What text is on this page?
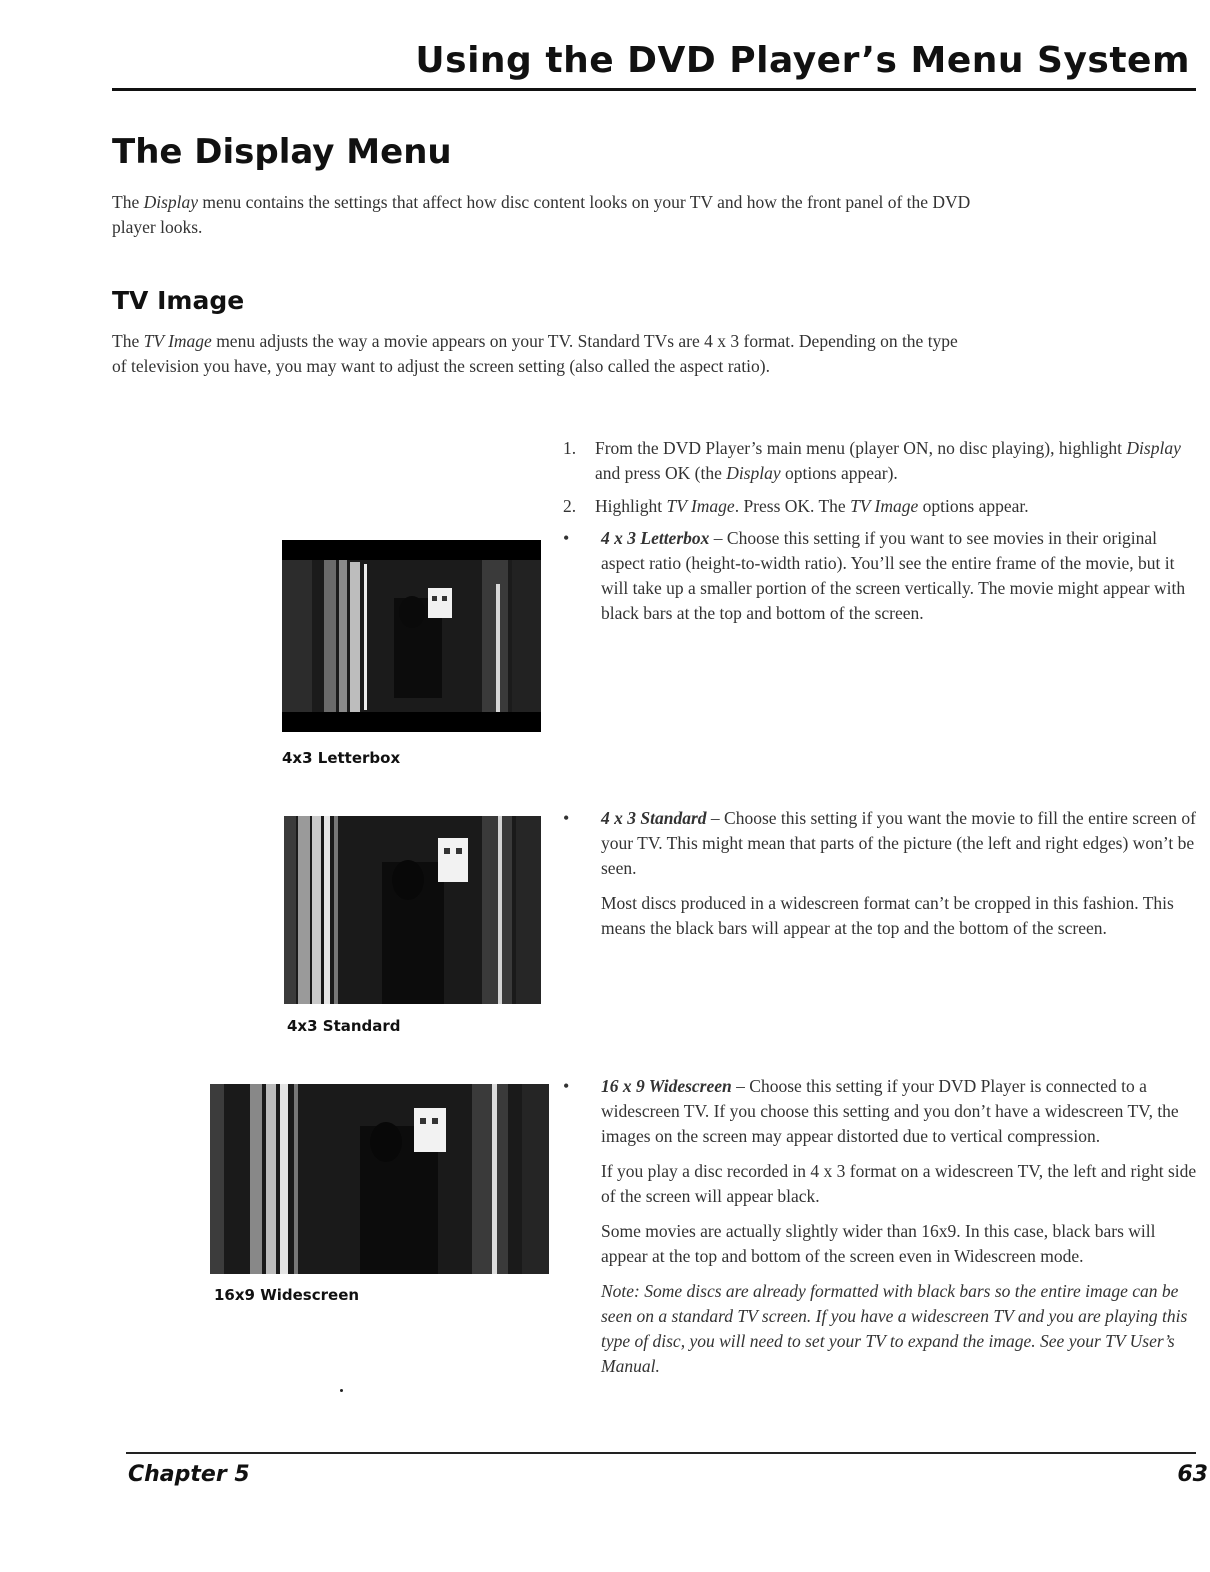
Using the DVD Player’s Menu System
The Display Menu
The Display menu contains the settings that affect how disc content looks on your TV and how the front panel of the DVD player looks.
TV Image
The TV Image menu adjusts the way a movie appears on your TV. Standard TVs are 4 x 3 format. Depending on the type of television you have, you may want to adjust the screen setting (also called the aspect ratio).
1. From the DVD Player’s main menu (player ON, no disc playing), highlight Display and press OK (the Display options appear).
2. Highlight TV Image. Press OK. The TV Image options appear.
• 4 x 3 Letterbox – Choose this setting if you want to see movies in their original aspect ratio (height-to-width ratio). You’ll see the entire frame of the movie, but it will take up a smaller portion of the screen vertically. The movie might appear with black bars at the top and bottom of the screen.
4x3 Letterbox
• 4 x 3 Standard – Choose this setting if you want the movie to fill the entire screen of your TV. This might mean that parts of the picture (the left and right edges) won’t be seen.
Most discs produced in a widescreen format can’t be cropped in this fashion. This means the black bars will appear at the top and the bottom of the screen.
4x3 Standard
• 16 x 9 Widescreen – Choose this setting if your DVD Player is connected to a widescreen TV. If you choose this setting and you don’t have a widescreen TV, the images on the screen may appear distorted due to vertical compression.
If you play a disc recorded in 4 x 3 format on a widescreen TV, the left and right side of the screen will appear black.
Some movies are actually slightly wider than 16x9. In this case, black bars will appear at the top and bottom of the screen even in Widescreen mode.
Note: Some discs are already formatted with black bars so the entire image can be seen on a standard TV screen. If you have a widescreen TV and you are playing this type of disc, you will need to set your TV to expand the image. See your TV User’s Manual.
16x9 Widescreen
Chapter 5	63
